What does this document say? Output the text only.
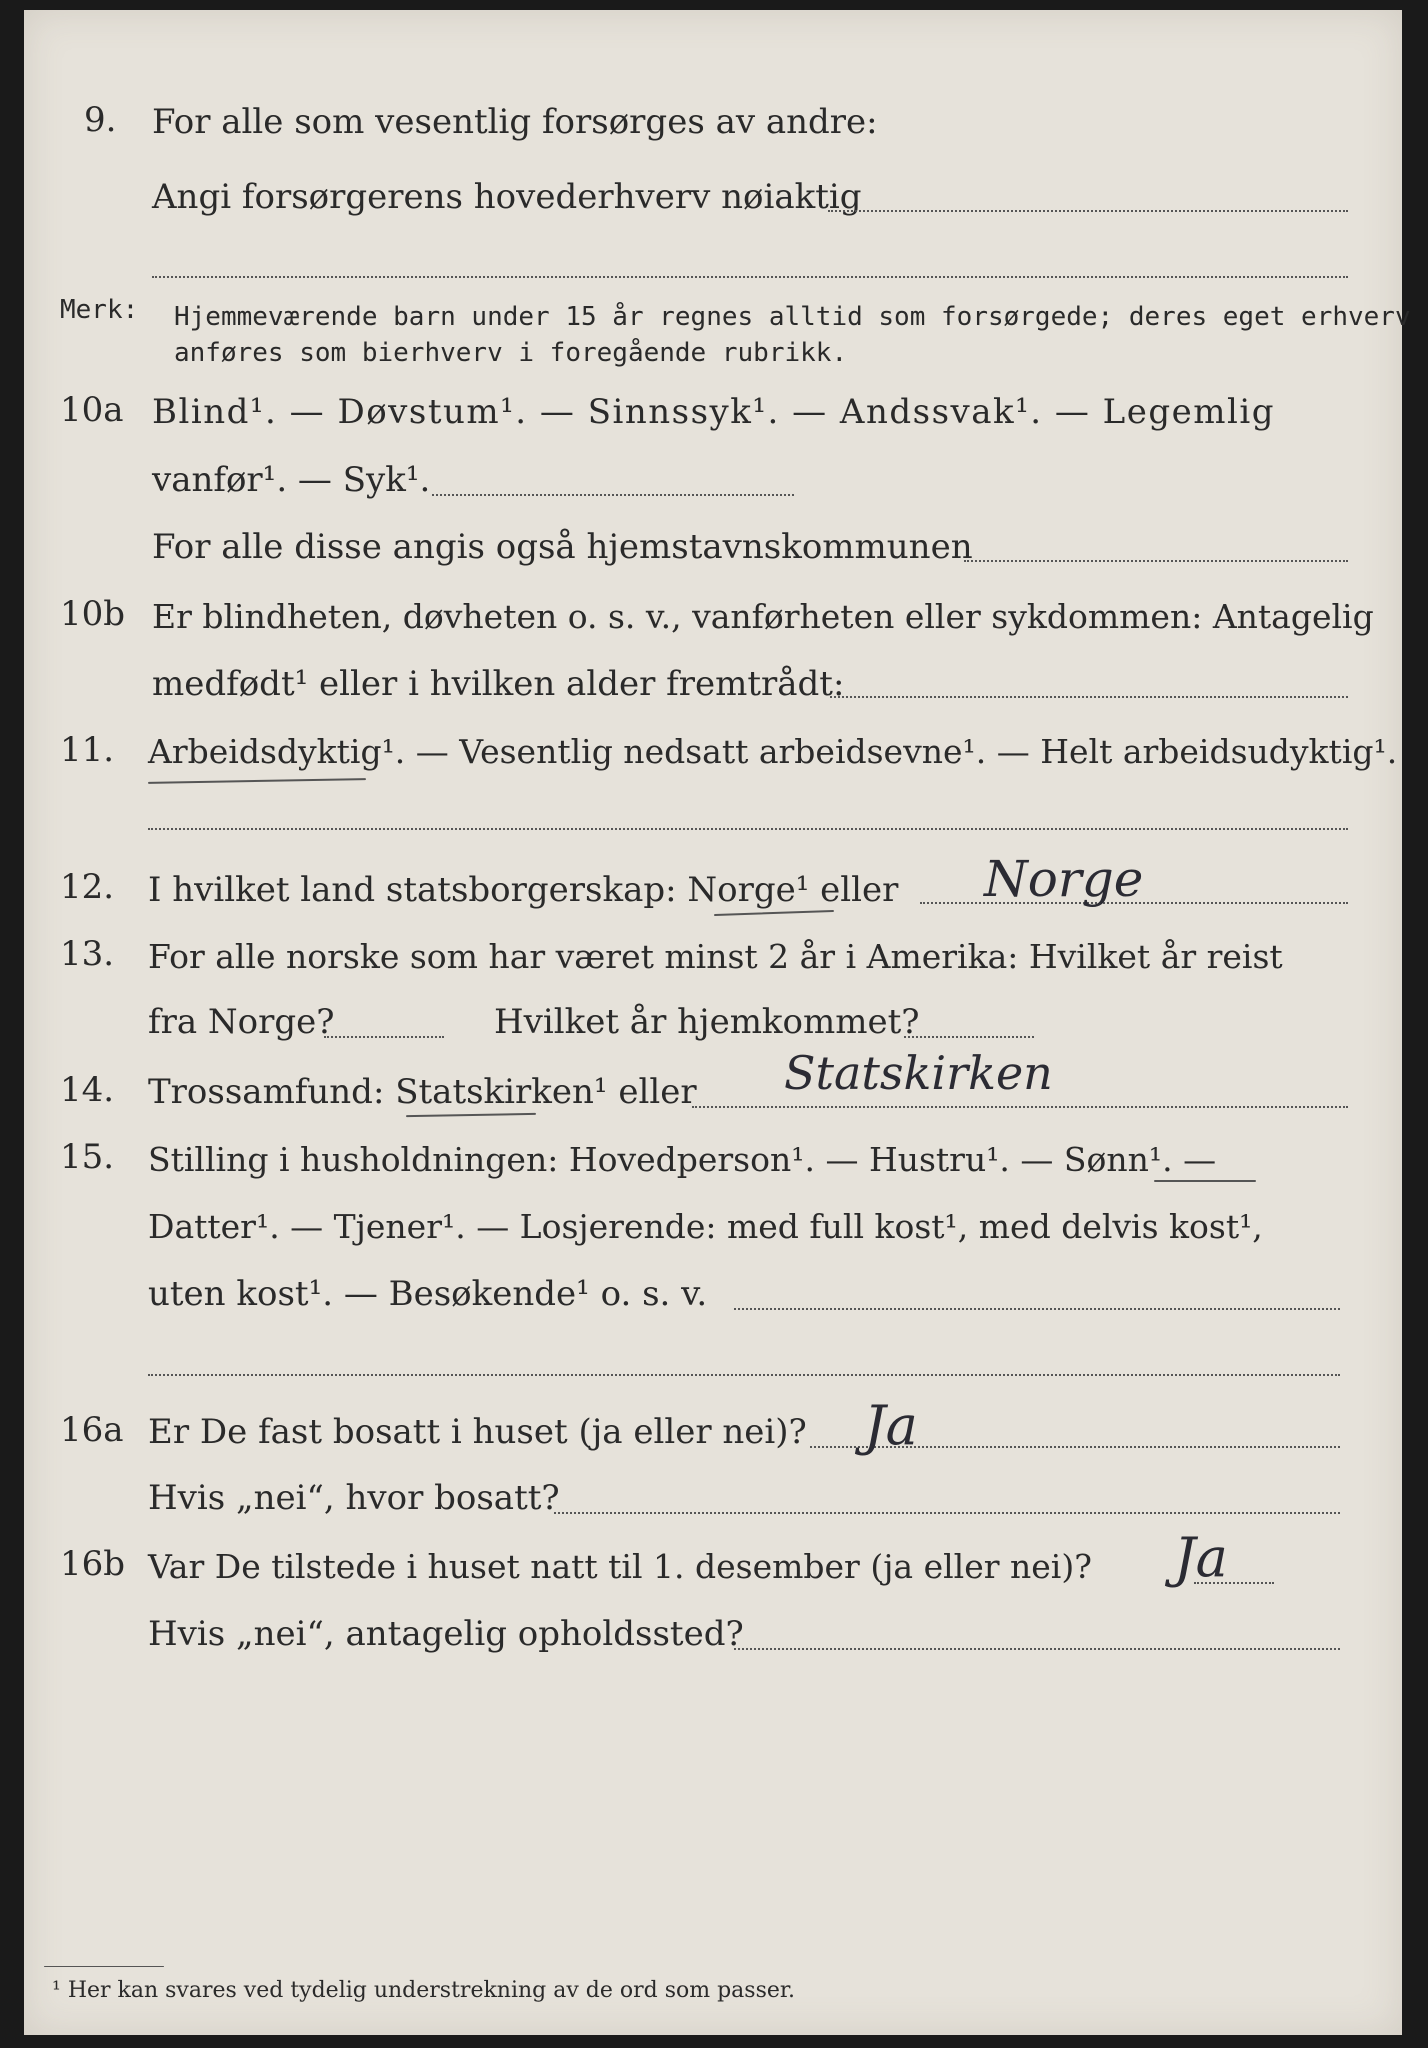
9. For alle som vesentlig forsørges av andre:
Angi forsørgerens hovederhverv nøiaktig
Merk: Hjemmeværende barn under 15 år regnes alltid som forsørgede; deres eget erhverv
anføres som bierhverv i foregående rubrikk.
10a Blind¹. — Døvstum¹. — Sinnssyk¹. — Andssvak¹. — Legemlig
vanfør¹. — Syk¹.
For alle disse angis også hjemstavnskommunen
10b Er blindheten, døvheten o. s. v., vanførheten eller sykdommen: Antagelig
medfødt¹ eller i hvilken alder fremtrådt:
11. Arbeidsdyktig¹. — Vesentlig nedsatt arbeidsevne¹. — Helt arbeidsudyktig¹.
12. I hvilket land statsborgerskap: Norge¹ eller Norge
13. For alle norske som har været minst 2 år i Amerika: Hvilket år reist
fra Norge?	Hvilket år hjemkommet?
14. Trossamfund: Statskirken¹ eller Statskirken
15. Stilling i husholdningen: Hovedperson¹. — Hustru¹. — Sønn¹. —
Datter¹. — Tjener¹. — Losjerende: med full kost¹, med delvis kost¹,
uten kost¹. — Besøkende¹ o. s. v.
16a Er De fast bosatt i huset (ja eller nei)? Ja
Hvis „nei“, hvor bosatt?
16b Var De tilstede i huset natt til 1. desember (ja eller nei)? Ja
Hvis „nei“, antagelig opholdssted?
¹ Her kan svares ved tydelig understrekning av de ord som passer.
